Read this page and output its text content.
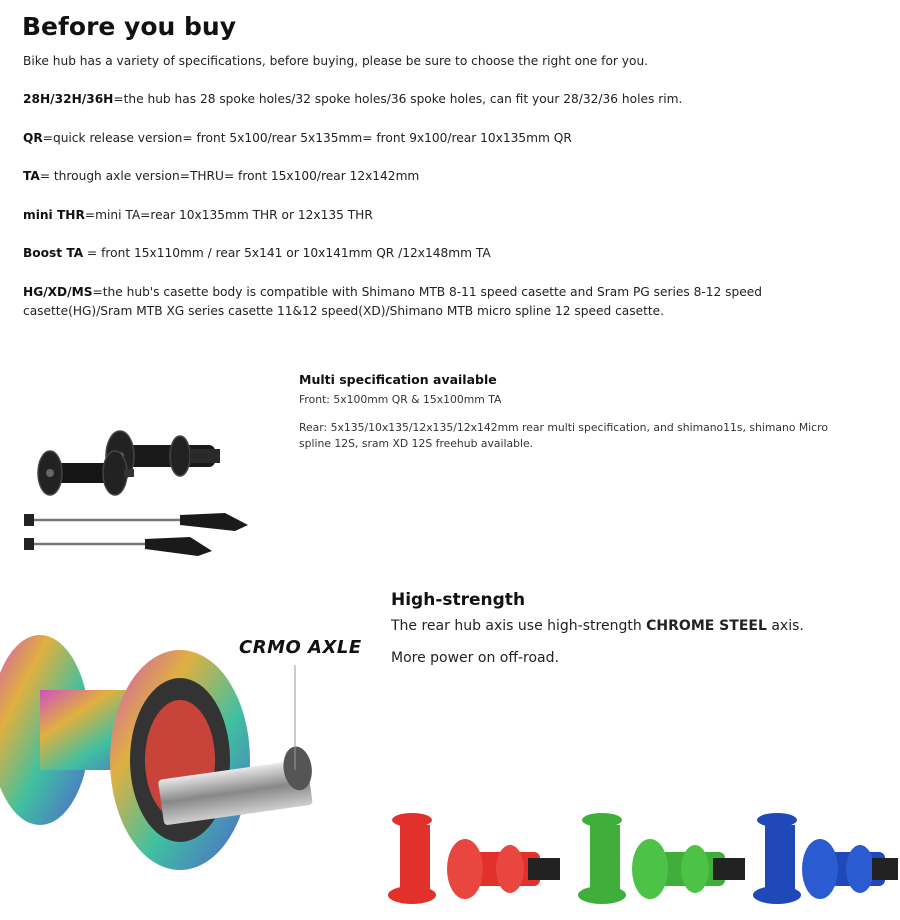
Before you buy
Bike hub has a variety of specifications, before buying, please be sure to choose the right one for you.
28H/32H/36H=the hub has 28 spoke holes/32 spoke holes/36 spoke holes, can fit your 28/32/36 holes rim.
QR=quick release version= front 5x100/rear 5x135mm= front 9x100/rear 10x135mm QR
TA= through axle version=THRU= front 15x100/rear 12x142mm
mini THR=mini TA=rear 10x135mm THR or 12x135 THR
Boost TA = front 15x110mm / rear 5x141 or 10x141mm QR /12x148mm TA
HG/XD/MS=the hub's casette body is compatible with Shimano MTB 8-11 speed casette and Sram PG series 8-12 speed casette(HG)/Sram MTB XG series casette 11&12 speed(XD)/Shimano MTB micro spline 12 speed casette.
Multi specification available
Front: 5x100mm QR & 15x100mm TA
Rear: 5x135/10x135/12x135/12x142mm rear multi specification, and shimano11s, shimano Micro spline 12S, sram XD 12S freehub available.
CRMO AXLE
High-strength
The rear hub axis use high-strength CHROME STEEL axis.
More power on off-road.
